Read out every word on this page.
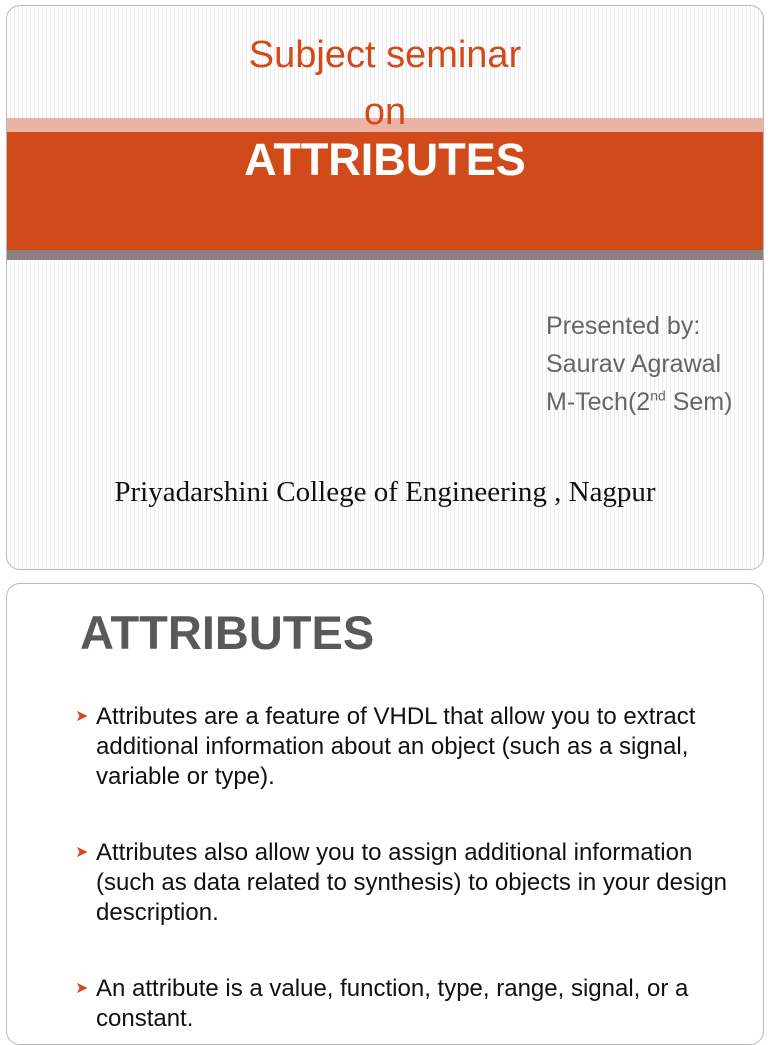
Subject seminar
on
ATTRIBUTES
Presented by:
Saurav Agrawal
M-Tech(2nd Sem)
Priyadarshini College of Engineering , Nagpur
ATTRIBUTES
➤ Attributes are a feature of VHDL that allow you to extract additional information about an object (such as a signal, variable or type).
➤ Attributes also allow you to assign additional information (such as data related to synthesis) to objects in your design description.
➤ An attribute is a value, function, type, range, signal, or a constant.
